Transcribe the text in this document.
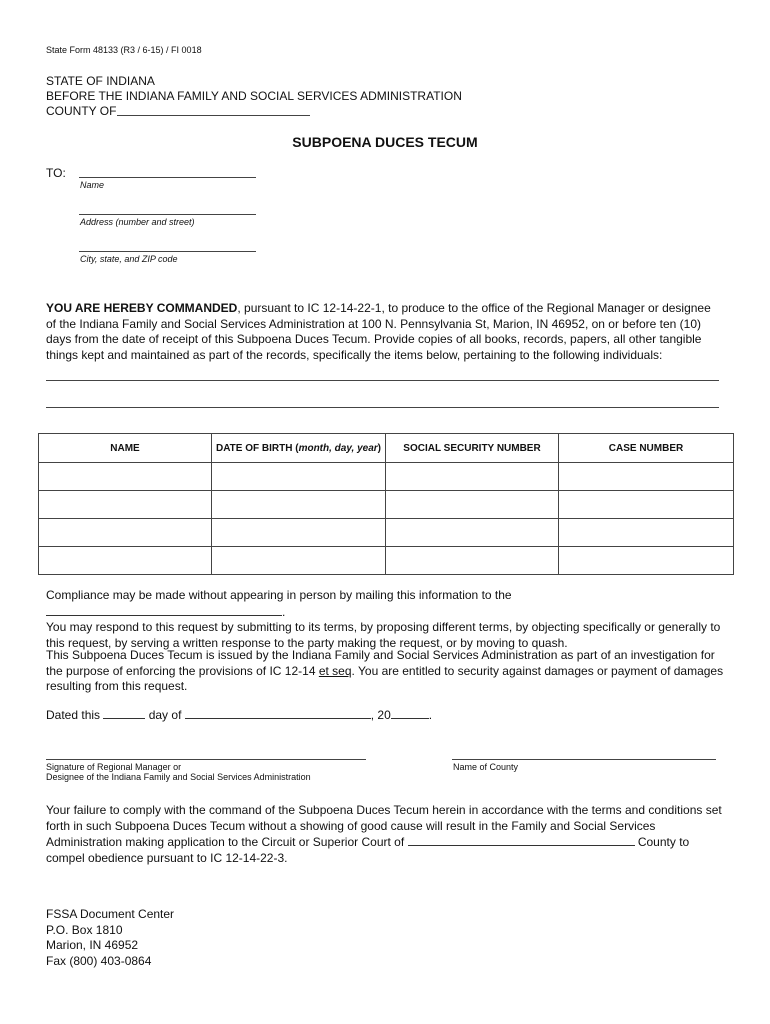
State Form 48133 (R3 / 6-15) / FI 0018
STATE OF INDIANA
BEFORE THE INDIANA FAMILY AND SOCIAL SERVICES ADMINISTRATION
COUNTY OF
SUBPOENA DUCES TECUM
TO:
Name
Address (number and street)
City, state, and ZIP code
YOU ARE HEREBY COMMANDED, pursuant to IC 12-14-22-1, to produce to the office of the Regional Manager or designee of the Indiana Family and Social Services Administration at 100 N. Pennsylvania St, Marion, IN 46952, on or before ten (10) days from the date of receipt of this Subpoena Duces Tecum. Provide copies of all books, records, papers, all other tangible things kept and maintained as part of the records, specifically the items below, pertaining to the following individuals:
NAME	DATE OF BIRTH (month, day, year)	SOCIAL SECURITY NUMBER	CASE NUMBER

Compliance may be made without appearing in person by mailing this information to the .
You may respond to this request by submitting to its terms, by proposing different terms, by objecting specifically or generally to this request, by serving a written response to the party making the request, or by moving to quash.
This Subpoena Duces Tecum is issued by the Indiana Family and Social Services Administration as part of an investigation for the purpose of enforcing the provisions of IC 12-14 et seq. You are entitled to security against damages or payment of damages resulting from this request.
Dated this	day of	, 20	.
Signature of Regional Manager or
Designee of the Indiana Family and Social Services Administration
Name of County
Your failure to comply with the command of the Subpoena Duces Tecum herein in accordance with the terms and conditions set forth in such Subpoena Duces Tecum without a showing of good cause will result in the Family and Social Services Administration making application to the Circuit or Superior Court of	County to compel obedience pursuant to IC 12-14-22-3.
FSSA Document Center
P.O. Box 1810
Marion, IN 46952
Fax (800) 403-0864
